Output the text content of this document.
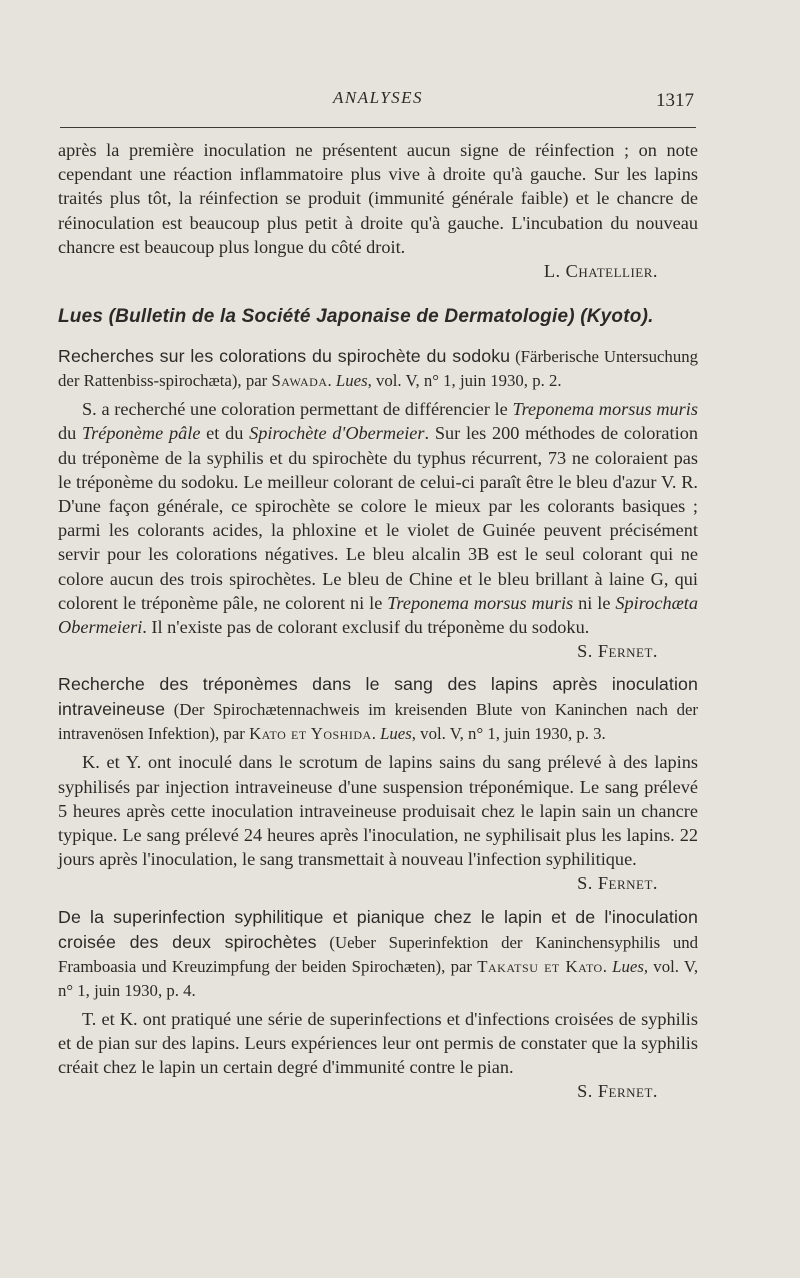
ANALYSES	1317

après la première inoculation ne présentent aucun signe de réinfection ; on note cependant une réaction inflammatoire plus vive à droite qu'à gauche. Sur les lapins traités plus tôt, la réinfection se produit (immunité générale faible) et le chancre de réinoculation est beaucoup plus petit à droite qu'à gauche. L'incubation du nouveau chancre est beaucoup plus longue du côté droit.
L. Chatellier.

Lues (Bulletin de la Société Japonaise de Dermatologie) (Kyoto).

Recherches sur les colorations du spirochète du sodoku (Färberische Untersuchung der Rattenbiss-spirochæta), par Sawada. Lues, vol. V, n° 1, juin 1930, p. 2.

S. a recherché une coloration permettant de différencier le Treponema morsus muris du Tréponème pâle et du Spirochète d'Obermeier. Sur les 200 méthodes de coloration du tréponème de la syphilis et du spirochète du typhus récurrent, 73 ne coloraient pas le tréponème du sodoku. Le meilleur colorant de celui-ci paraît être le bleu d'azur V. R. D'une façon générale, ce spirochète se colore le mieux par les colorants basiques ; parmi les colorants acides, la phloxine et le violet de Guinée peuvent précisément servir pour les colorations négatives. Le bleu alcalin 3B est le seul colorant qui ne colore aucun des trois spirochètes. Le bleu de Chine et le bleu brillant à laine G, qui colorent le tréponème pâle, ne colorent ni le Treponema morsus muris ni le Spirochæta Obermeieri. Il n'existe pas de colorant exclusif du tréponème du sodoku.
S. Fernet.

Recherche des tréponèmes dans le sang des lapins après inoculation intraveineuse (Der Spirochætennachweis im kreisenden Blute von Kaninchen nach der intravenösen Infektion), par Kato et Yoshida. Lues, vol. V, n° 1, juin 1930, p. 3.

K. et Y. ont inoculé dans le scrotum de lapins sains du sang prélevé à des lapins syphilisés par injection intraveineuse d'une suspension tréponémique. Le sang prélevé 5 heures après cette inoculation intraveineuse produisait chez le lapin sain un chancre typique. Le sang prélevé 24 heures après l'inoculation, ne syphilisait plus les lapins. 22 jours après l'inoculation, le sang transmettait à nouveau l'infection syphilitique.
S. Fernet.

De la superinfection syphilitique et pianique chez le lapin et de l'inoculation croisée des deux spirochètes (Ueber Superinfektion der Kaninchensyphilis und Framboasia und Kreuzimpfung der beiden Spirochæten), par Takatsu et Kato. Lues, vol. V, n° 1, juin 1930, p. 4.

T. et K. ont pratiqué une série de superinfections et d'infections croisées de syphilis et de pian sur des lapins. Leurs expériences leur ont permis de constater que la syphilis créait chez le lapin un certain degré d'immunité contre le pian.
S. Fernet.
